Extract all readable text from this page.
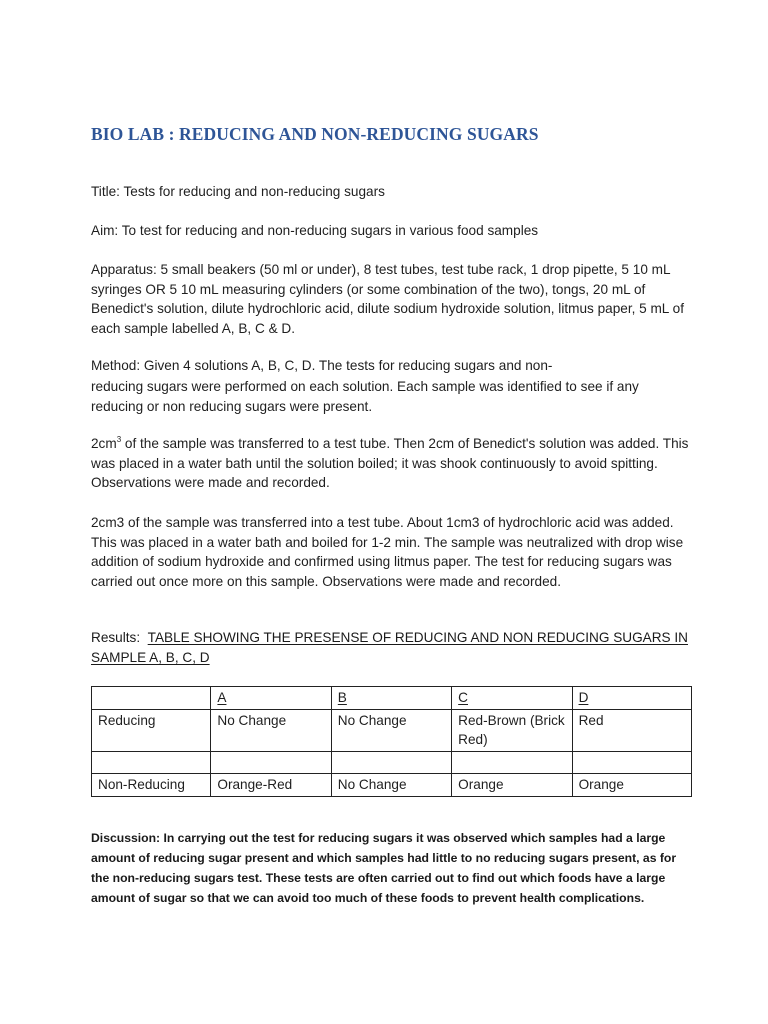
BIO LAB : REDUCING AND NON-REDUCING SUGARS

Title: Tests for reducing and non-reducing sugars

Aim: To test for reducing and non-reducing sugars in various food samples

Apparatus: 5 small beakers (50 ml or under), 8 test tubes, test tube rack, 1 drop pipette, 5 10 mL syringes OR 5 10 mL measuring cylinders (or some combination of the two), tongs, 20 mL of Benedict's solution, dilute hydrochloric acid, dilute sodium hydroxide solution, litmus paper, 5 mL of each sample labelled A, B, C & D.

Method: Given 4 solutions A, B, C, D. The tests for reducing sugars and non-
reducing sugars were performed on each solution. Each sample was identified to see if any
reducing or non reducing sugars were present.

$2cm^3$ of the sample was transferred to a test tube. Then 2cm of Benedict's solution was added. This was placed in a water bath until the solution boiled; it was shook continuously to avoid spitting. Observations were made and recorded.

2cm3 of the sample was transferred into a test tube. About 1cm3 of hydrochloric acid was added. This was placed in a water bath and boiled for 1-2 min. The sample was neutralized with drop wise addition of sodium hydroxide and confirmed using litmus paper. The test for reducing sugars was carried out once more on this sample. Observations were made and recorded.

Results: TABLE SHOWING THE PRESENSE OF REDUCING AND NON REDUCING SUGARS IN SAMPLE A, B, C, D
	A	B	C	D
Reducing	No Change	No Change	Red-Brown (Brick Red)	Red

Non-Reducing	Orange-Red	No Change	Orange	Orange

Discussion: In carrying out the test for reducing sugars it was observed which samples had a large amount of reducing sugar present and which samples had little to no reducing sugars present, as for the non-reducing sugars test. These tests are often carried out to find out which foods have a large amount of sugar so that we can avoid too much of these foods to prevent health complications.
